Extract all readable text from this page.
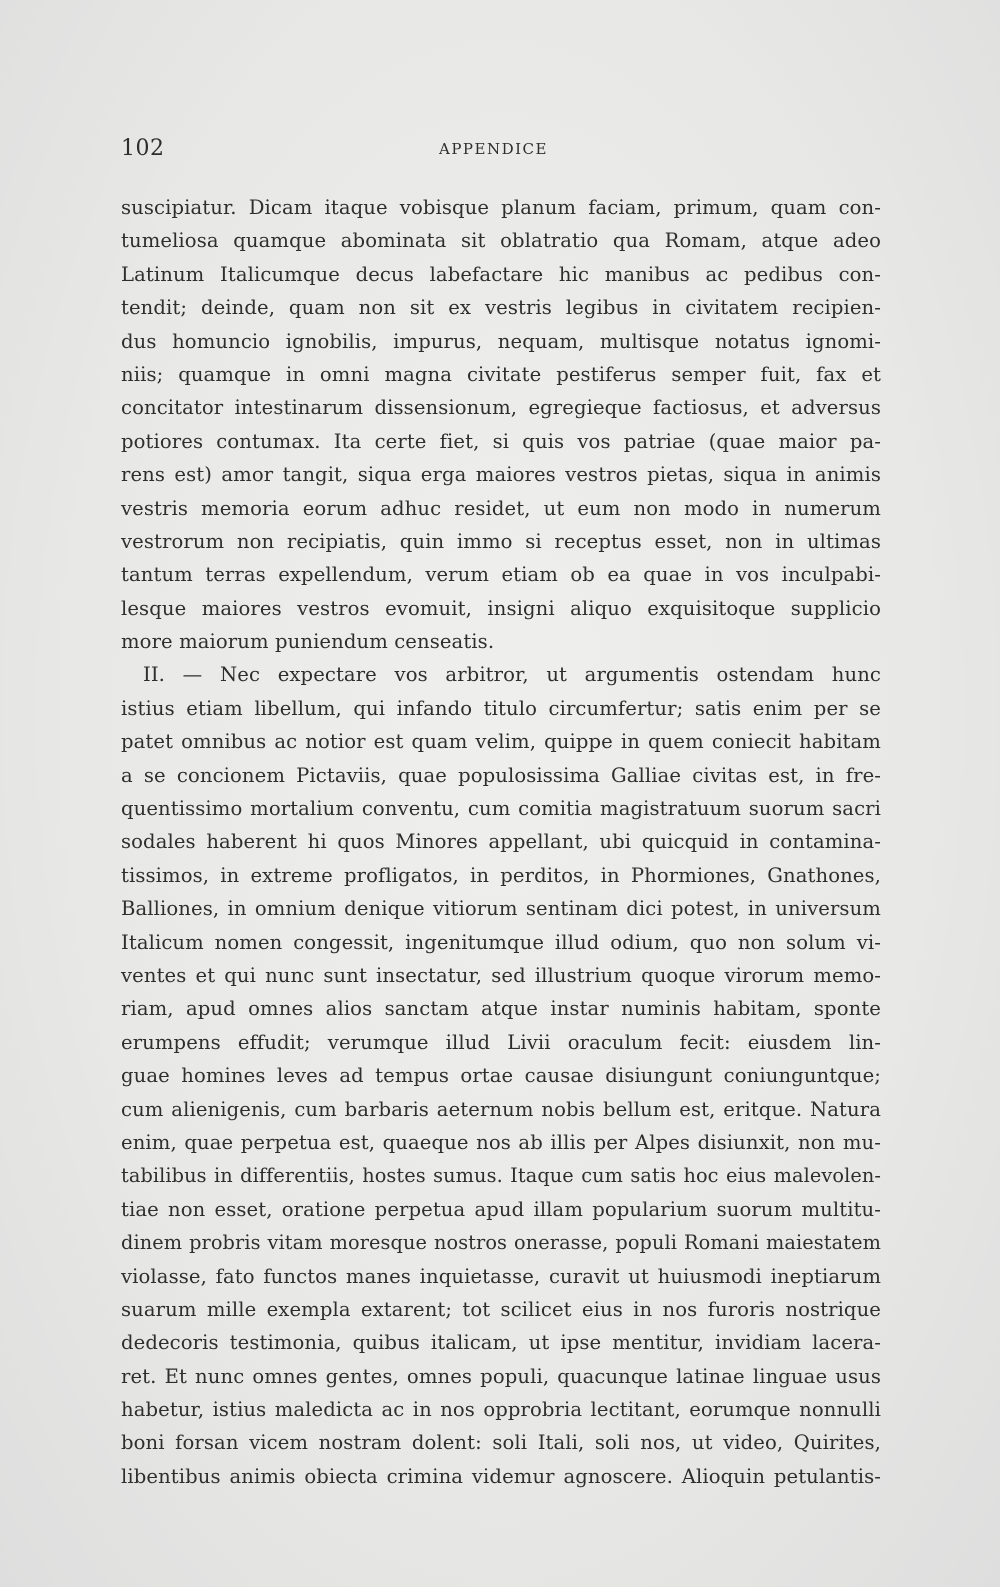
102	APPENDICE
suscipiatur. Dicam itaque vobisque planum faciam, primum, quam con-
tumeliosa quamque abominata sit oblatratio qua Romam, atque adeo
Latinum Italicumque decus labefactare hic manibus ac pedibus con-
tendit; deinde, quam non sit ex vestris legibus in civitatem recipien-
dus homuncio ignobilis, impurus, nequam, multisque notatus ignomi-
niis; quamque in omni magna civitate pestiferus semper fuit, fax et
concitator intestinarum dissensionum, egregieque factiosus, et adversus
potiores contumax. Ita certe fiet, si quis vos patriae (quae maior pa-
rens est) amor tangit, siqua erga maiores vestros pietas, siqua in animis
vestris memoria eorum adhuc residet, ut eum non modo in numerum
vestrorum non recipiatis, quin immo si receptus esset, non in ultimas
tantum terras expellendum, verum etiam ob ea quae in vos inculpabi-
lesque maiores vestros evomuit, insigni aliquo exquisitoque supplicio
more maiorum puniendum censeatis.
II. — Nec expectare vos arbitror, ut argumentis ostendam hunc
istius etiam libellum, qui infando titulo circumfertur; satis enim per se
patet omnibus ac notior est quam velim, quippe in quem coniecit habitam
a se concionem Pictaviis, quae populosissima Galliae civitas est, in fre-
quentissimo mortalium conventu, cum comitia magistratuum suorum sacri
sodales haberent hi quos Minores appellant, ubi quicquid in contamina-
tissimos, in extreme profligatos, in perditos, in Phormiones, Gnathones,
Balliones, in omnium denique vitiorum sentinam dici potest, in universum
Italicum nomen congessit, ingenitumque illud odium, quo non solum vi-
ventes et qui nunc sunt insectatur, sed illustrium quoque virorum memo-
riam, apud omnes alios sanctam atque instar numinis habitam, sponte
erumpens effudit; verumque illud Livii oraculum fecit: eiusdem lin-
guae homines leves ad tempus ortae causae disiungunt coniunguntque;
cum alienigenis, cum barbaris aeternum nobis bellum est, eritque. Natura
enim, quae perpetua est, quaeque nos ab illis per Alpes disiunxit, non mu-
tabilibus in differentiis, hostes sumus. Itaque cum satis hoc eius malevolen-
tiae non esset, oratione perpetua apud illam popularium suorum multitu-
dinem probris vitam moresque nostros onerasse, populi Romani maiestatem
violasse, fato functos manes inquietasse, curavit ut huiusmodi ineptiarum
suarum mille exempla extarent; tot scilicet eius in nos furoris nostrique
dedecoris testimonia, quibus italicam, ut ipse mentitur, invidiam lacera-
ret. Et nunc omnes gentes, omnes populi, quacunque latinae linguae usus
habetur, istius maledicta ac in nos opprobria lectitant, eorumque nonnulli
boni forsan vicem nostram dolent: soli Itali, soli nos, ut video, Quirites,
libentibus animis obiecta crimina videmur agnoscere. Alioquin petulantis-
